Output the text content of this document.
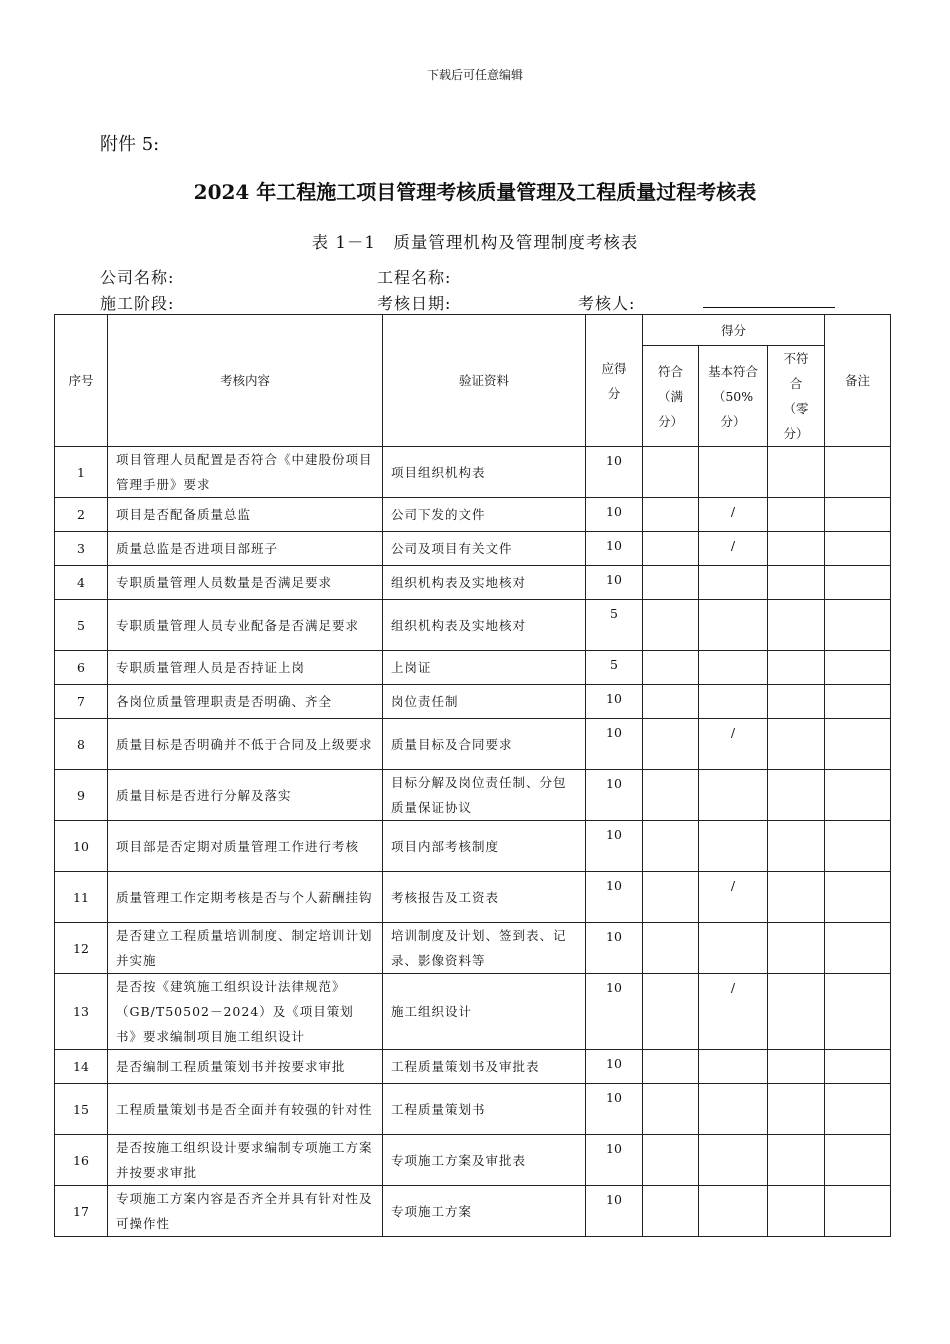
下载后可任意编辑
附件 5:
2024 年工程施工项目管理考核质量管理及工程质量过程考核表
表 1－1　质量管理机构及管理制度考核表
公司名称:	工程名称:
施工阶段:	考核日期:	考核人:
序号	考核内容	验证资料	应得分	得分			备注
				符合（满分）	基本符合（50%分）	不符合（零分）	
1	项目管理人员配置是否符合《中建股份项目管理手册》要求	项目组织机构表	10				
2	项目是否配备质量总监	公司下发的文件	10		/		
3	质量总监是否进项目部班子	公司及项目有关文件	10		/		
4	专职质量管理人员数量是否满足要求	组织机构表及实地核对	10				
5	专职质量管理人员专业配备是否满足要求	组织机构表及实地核对	5				
6	专职质量管理人员是否持证上岗	上岗证	5				
7	各岗位质量管理职责是否明确、齐全	岗位责任制	10				
8	质量目标是否明确并不低于合同及上级要求	质量目标及合同要求	10		/		
9	质量目标是否进行分解及落实	目标分解及岗位责任制、分包质量保证协议	10				
10	项目部是否定期对质量管理工作进行考核	项目内部考核制度	10				
11	质量管理工作定期考核是否与个人薪酬挂钩	考核报告及工资表	10		/		
12	是否建立工程质量培训制度、制定培训计划并实施	培训制度及计划、签到表、记录、影像资料等	10				
13	是否按《建筑施工组织设计法律规范》（GB/T50502－2024）及《项目策划书》要求编制项目施工组织设计	施工组织设计	10		/		
14	是否编制工程质量策划书并按要求审批	工程质量策划书及审批表	10				
15	工程质量策划书是否全面并有较强的针对性	工程质量策划书	10				
16	是否按施工组织设计要求编制专项施工方案并按要求审批	专项施工方案及审批表	10				
17	专项施工方案内容是否齐全并具有针对性及可操作性	专项施工方案	10				
